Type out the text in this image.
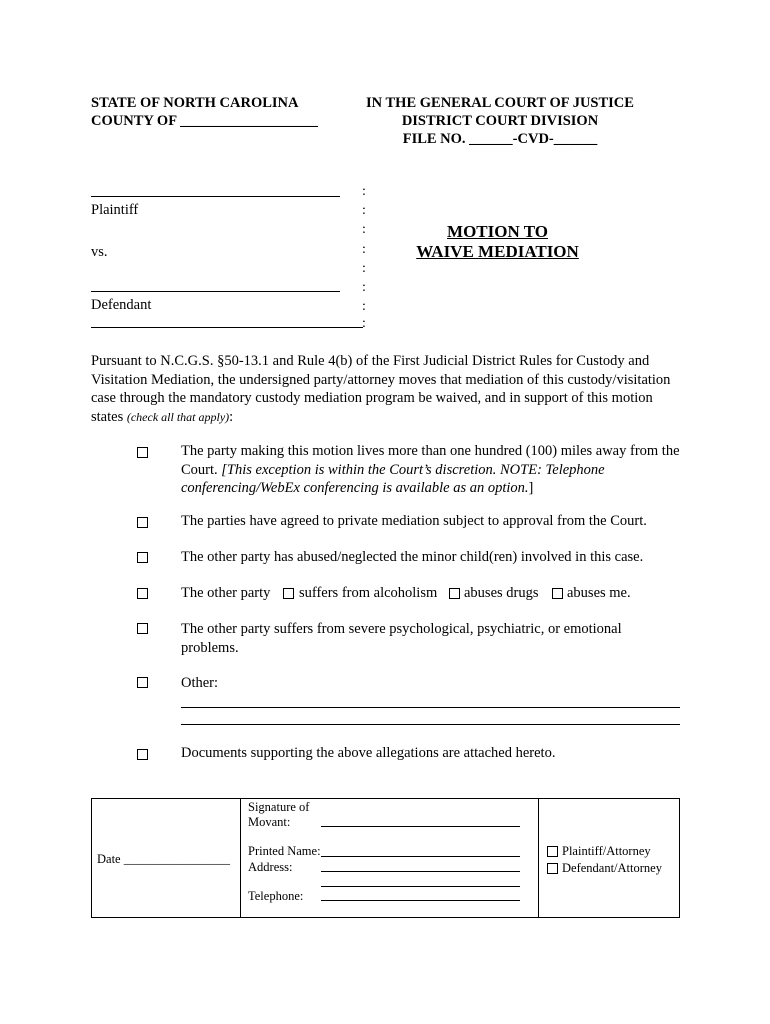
STATE OF NORTH CAROLINA
COUNTY OF ___________________
IN THE GENERAL COURT OF JUSTICE
DISTRICT COURT DIVISION
FILE NO. ______-CVD-______
Plaintiff
vs.
Defendant
:
:
:
:
:
:
:
:
MOTION TO
WAIVE MEDIATION
Pursuant to N.C.G.S. §50-13.1 and Rule 4(b) of the First Judicial District Rules for Custody and Visitation Mediation, the undersigned party/attorney moves that mediation of this custody/visitation case through the mandatory custody mediation program be waived, and in support of this motion states (check all that apply):
The party making this motion lives more than one hundred (100) miles away from the Court. [This exception is within the Court’s discretion. NOTE: Telephone conferencing/WebEx conferencing is available as an option.]
The parties have agreed to private mediation subject to approval from the Court.
The other party has abused/neglected the minor child(ren) involved in this case.
The other party suffers from alcoholism abuses drugs abuses me.
The other party suffers from severe psychological, psychiatric, or emotional problems.
Other:
Documents supporting the above allegations are attached hereto.
Date _________________
Signature of
Movant:
Printed Name:
Address:
Telephone:
Plaintiff/Attorney
Defendant/Attorney
